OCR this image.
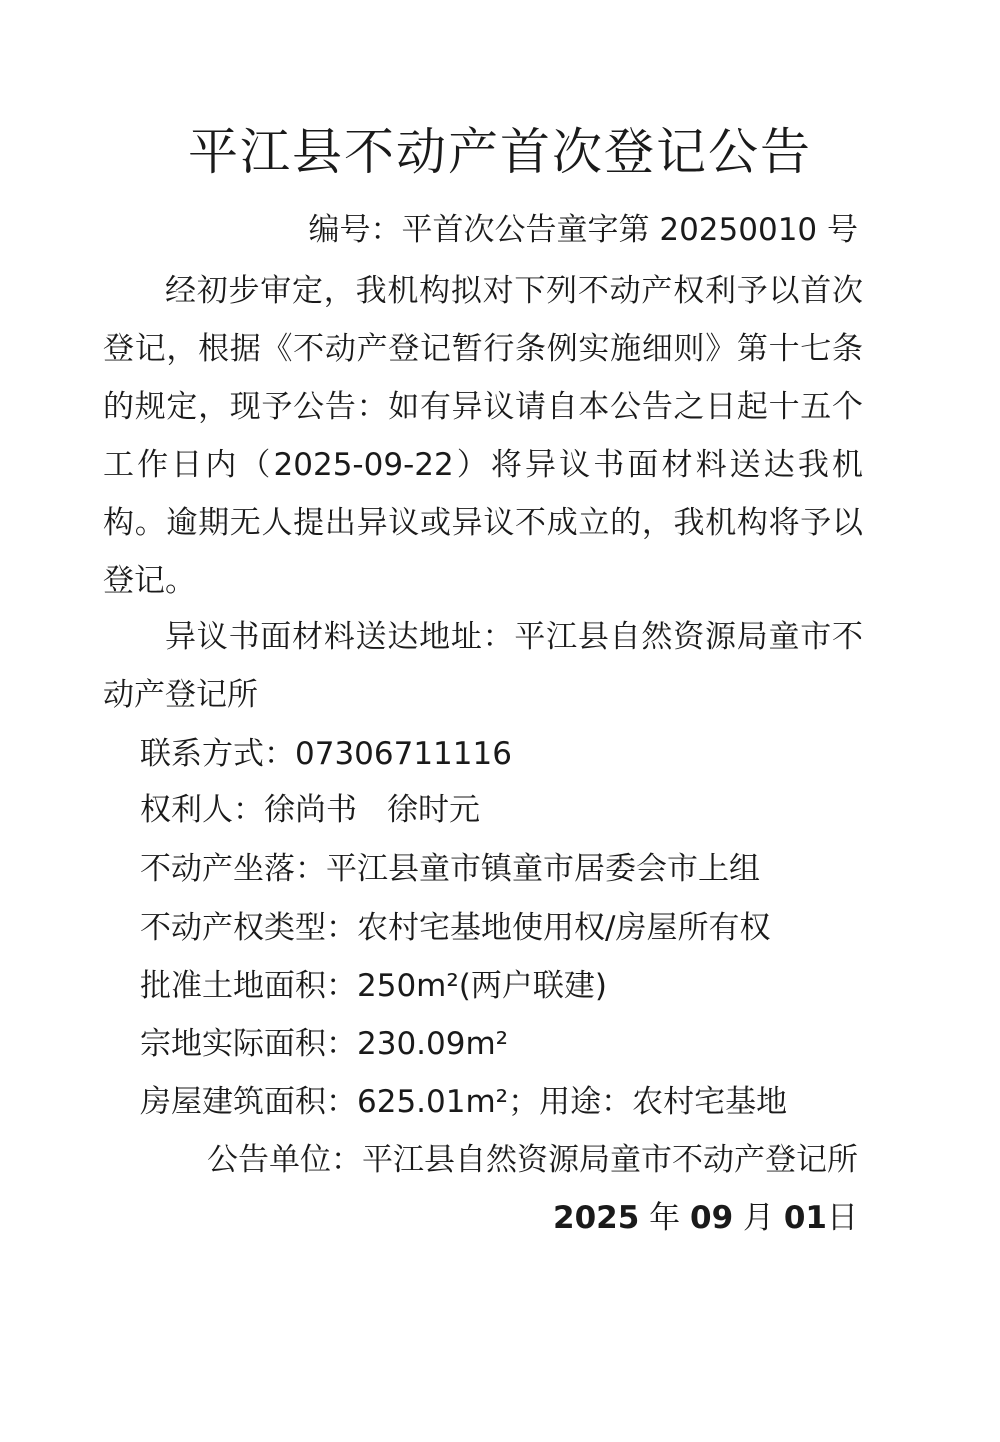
平江县不动产首次登记公告
编号：平首次公告童字第 20250010 号

经初步审定，我机构拟对下列不动产权利予以首次登记，根据《不动产登记暂行条例实施细则》第十七条的规定，现予公告：如有异议请自本公告之日起十五个工作日内（2025-09-22）将异议书面材料送达我机构。逾期无人提出异议或异议不成立的，我机构将予以登记。

异议书面材料送达地址：平江县自然资源局童市不动产登记所

联系方式：07306711116
权利人：徐尚书 徐时元
不动产坐落：平江县童市镇童市居委会市上组
不动产权类型：农村宅基地使用权/房屋所有权
批准土地面积：250m²(两户联建)
宗地实际面积：230.09m²
房屋建筑面积：625.01m²；用途：农村宅基地
公告单位：平江县自然资源局童市不动产登记所
2025 年 09 月 01日
